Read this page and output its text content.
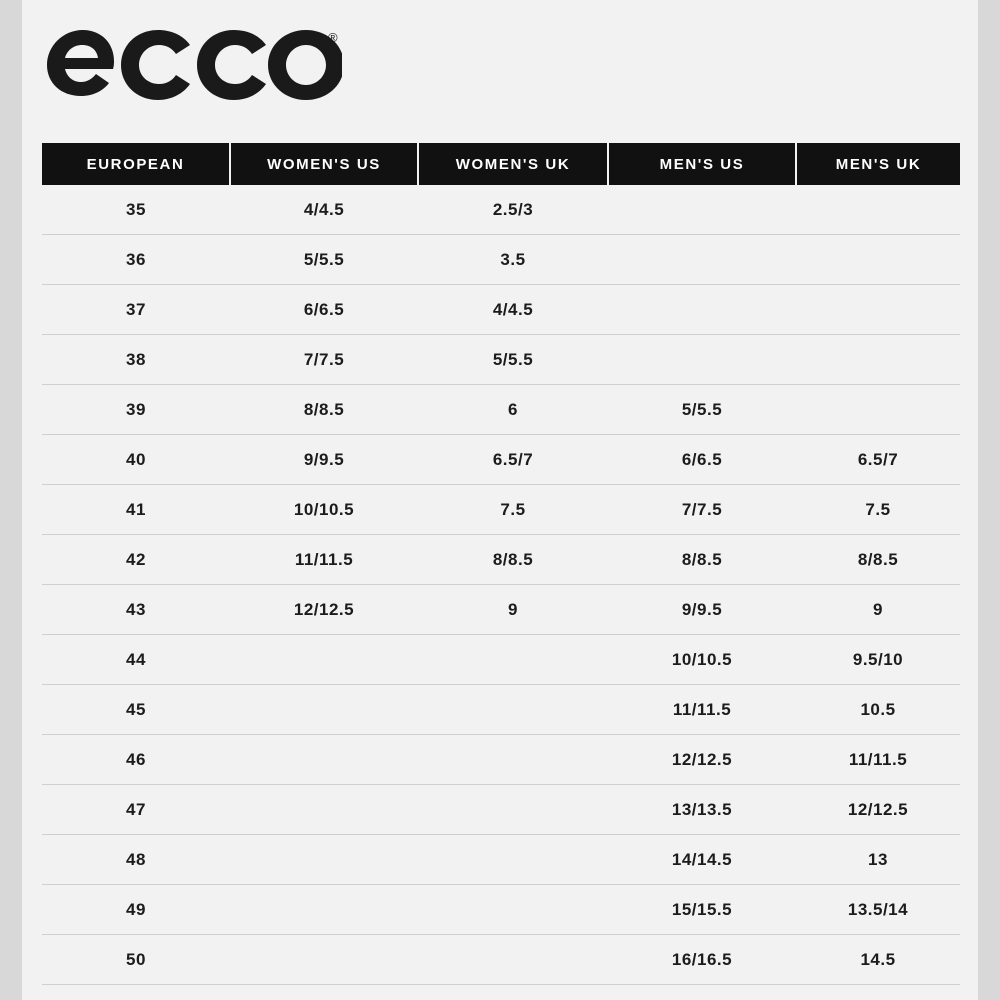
®
EUROPEAN	WOMEN'S US	WOMEN'S UK	MEN'S US	MEN'S UK
35	4/4.5	2.5/3		
36	5/5.5	3.5		
37	6/6.5	4/4.5		
38	7/7.5	5/5.5		
39	8/8.5	6	5/5.5	
40	9/9.5	6.5/7	6/6.5	6.5/7
41	10/10.5	7.5	7/7.5	7.5
42	11/11.5	8/8.5	8/8.5	8/8.5
43	12/12.5	9	9/9.5	9
44			10/10.5	9.5/10
45			11/11.5	10.5
46			12/12.5	11/11.5
47			13/13.5	12/12.5
48			14/14.5	13
49			15/15.5	13.5/14
50			16/16.5	14.5
